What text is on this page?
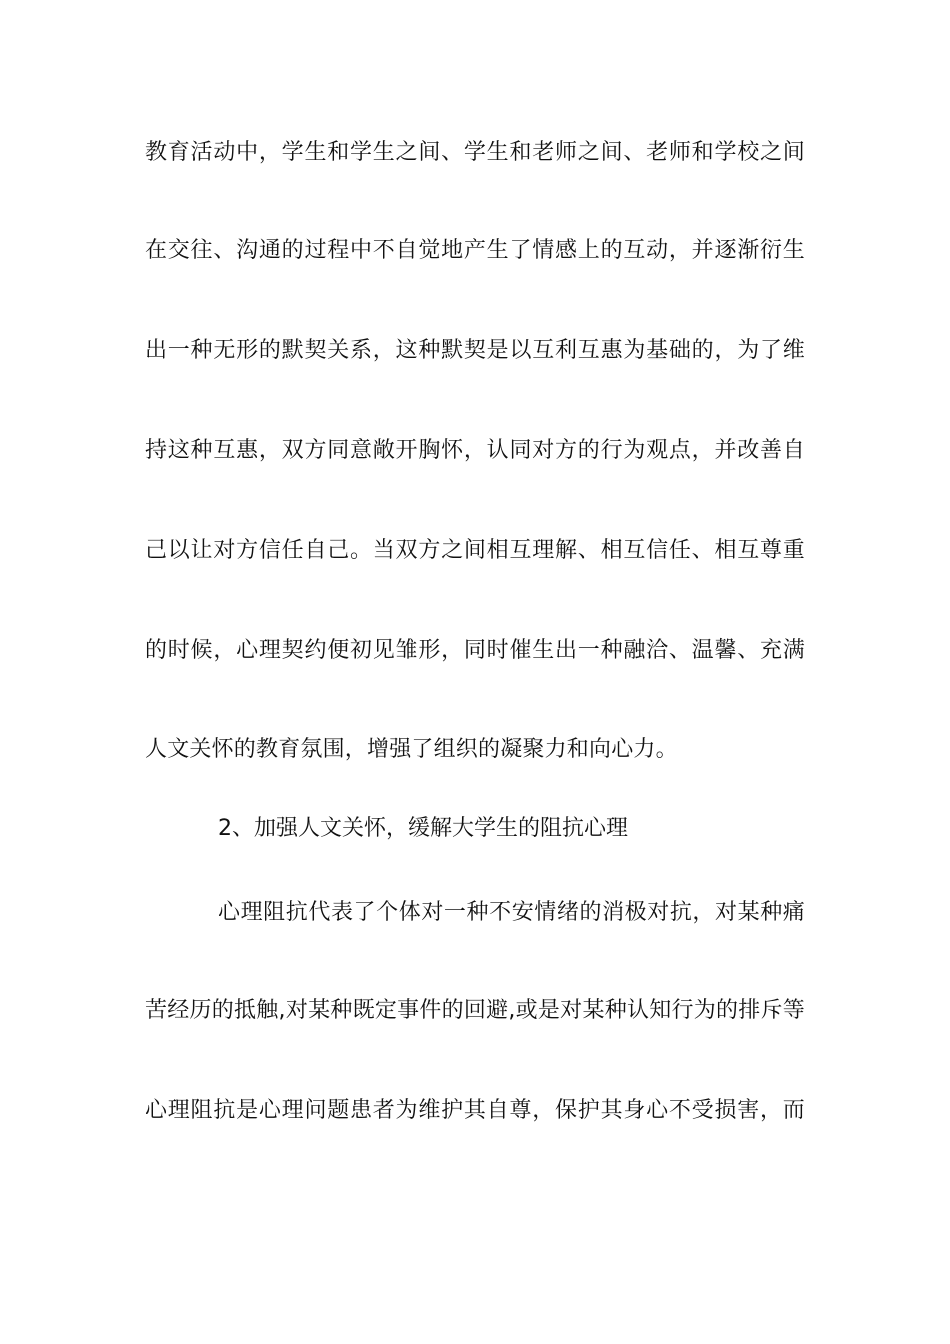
教育活动中，学生和学生之间、学生和老师之间、老师和学校之间
在交往、沟通的过程中不自觉地产生了情感上的互动，并逐渐衍生
出一种无形的默契关系，这种默契是以互利互惠为基础的，为了维
持这种互惠，双方同意敞开胸怀，认同对方的行为观点，并改善自
己以让对方信任自己。当双方之间相互理解、相互信任、相互尊重
的时候，心理契约便初见雏形，同时催生出一种融洽、温馨、充满
人文关怀的教育氛围，增强了组织的凝聚力和向心力。
2、加强人文关怀，缓解大学生的阻抗心理
心理阻抗代表了个体对一种不安情绪的消极对抗，对某种痛
苦经历的抵触,对某种既定事件的回避,或是对某种认知行为的排斥等
心理阻抗是心理问题患者为维护其自尊，保护其身心不受损害，而
